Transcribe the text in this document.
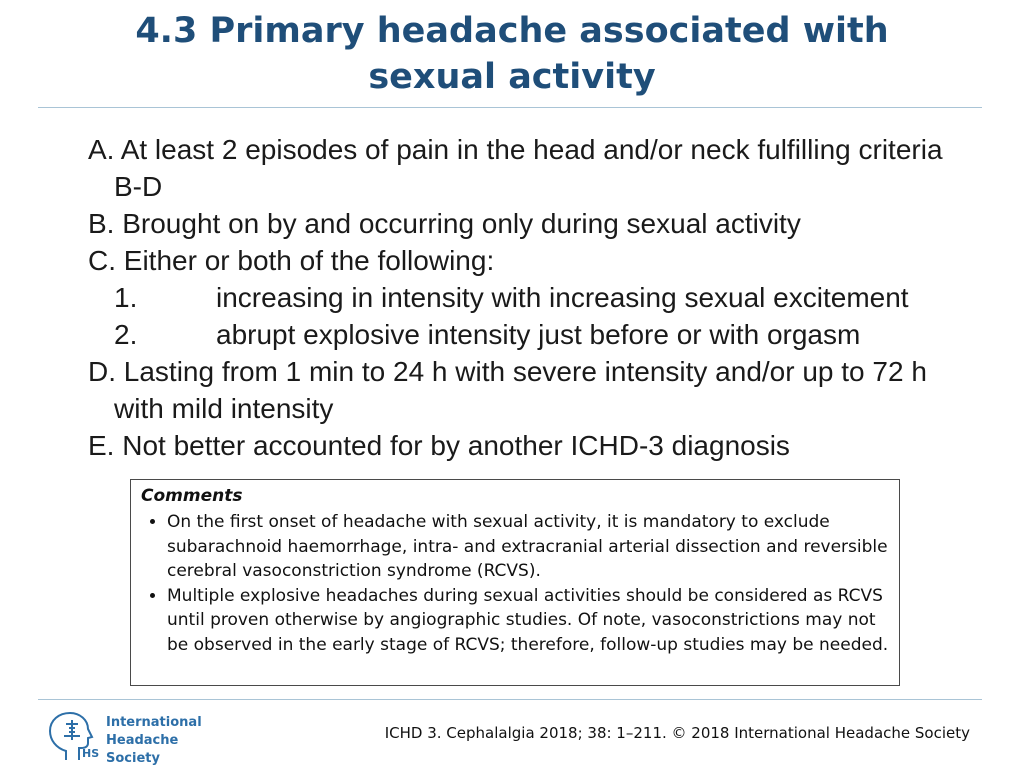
4.3 Primary headache associated with
sexual activity
A. At least 2 episodes of pain in the head and/or neck fulfilling criteria B-D
B. Brought on by and occurring only during sexual activity
C. Either or both of the following:
1.	increasing in intensity with increasing sexual excitement
2.	abrupt explosive intensity just before or with orgasm
D. Lasting from 1 min to 24 h with severe intensity and/or up to 72 h with mild intensity
E. Not better accounted for by another ICHD-3 diagnosis
Comments
• On the first onset of headache with sexual activity, it is mandatory to exclude subarachnoid haemorrhage, intra- and extracranial arterial dissection and reversible cerebral vasoconstriction syndrome (RCVS).
• Multiple explosive headaches during sexual activities should be considered as RCVS until proven otherwise by angiographic studies. Of note, vasoconstrictions may not be observed in the early stage of RCVS; therefore, follow-up studies may be needed.
HS
International
Headache Society
ICHD 3. Cephalalgia 2018; 38: 1–211. © 2018 International Headache Society
